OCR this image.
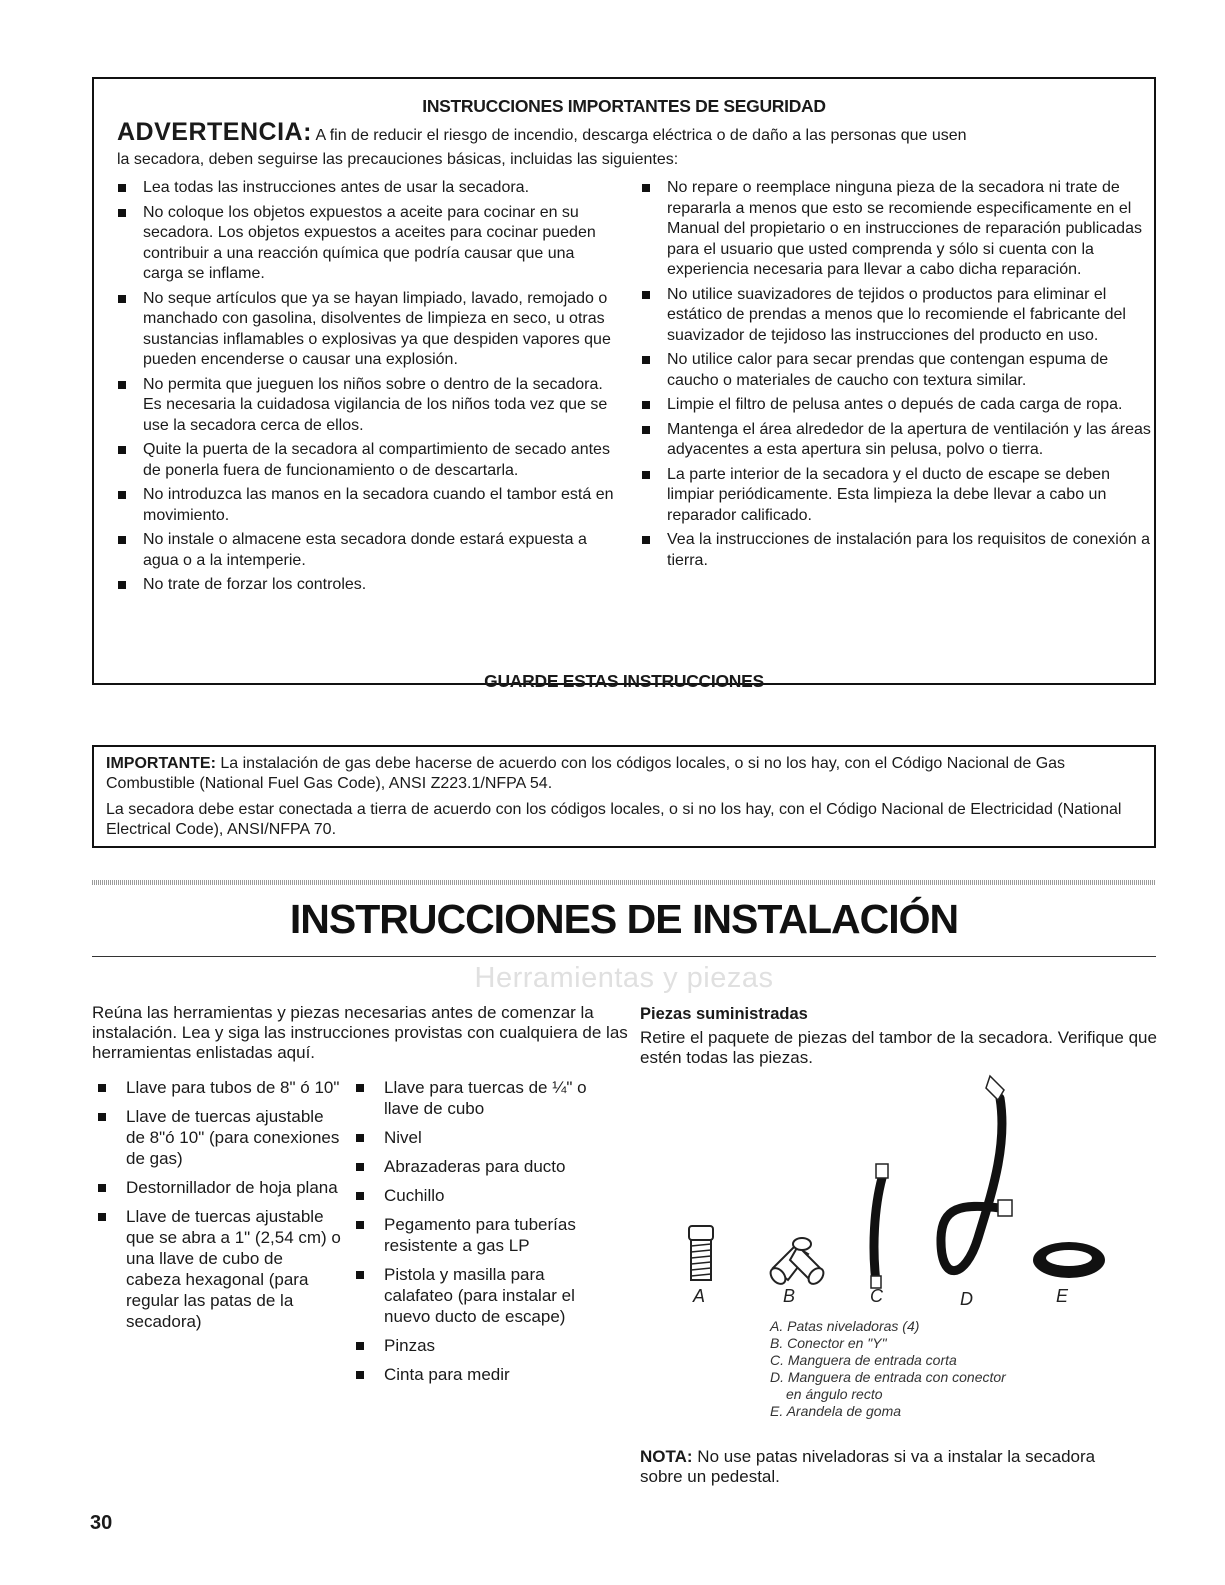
INSTRUCCIONES IMPORTANTES DE SEGURIDAD
ADVERTENCIA: A fin de reducir el riesgo de incendio, descarga eléctrica o de daño a las personas que usen
la secadora, deben seguirse las precauciones básicas, incluidas las siguientes:
Lea todas las instrucciones antes de usar la secadora.
No coloque los objetos expuestos a aceite para cocinar en su secadora. Los objetos expuestos a aceites para cocinar pueden contribuir a una reacción química que podría causar que una carga se inflame.
No seque artículos que ya se hayan limpiado, lavado, remojado o manchado con gasolina, disolventes de limpieza en seco, u otras sustancias inflamables o explosivas ya que despiden vapores que pueden encenderse o causar una explosión.
No permita que jueguen los niños sobre o dentro de la secadora. Es necesaria la cuidadosa vigilancia de los niños toda vez que se use la secadora cerca de ellos.
Quite la puerta de la secadora al compartimiento de secado antes de ponerla fuera de funcionamiento o de descartarla.
No introduzca las manos en la secadora cuando el tambor está en movimiento.
No instale o almacene esta secadora donde estará expuesta a agua o a la intemperie.
No trate de forzar los controles.
No repare o reemplace ninguna pieza de la secadora ni trate de repararla a menos que esto se recomiende especificamente en el Manual del propietario o en instrucciones de reparación publicadas para el usuario que usted comprenda y sólo si cuenta con la experiencia necesaria para llevar a cabo dicha reparación.
No utilice suavizadores de tejidos o productos para eliminar el estático de prendas a menos que lo recomiende el fabricante del suavizador de tejidoso las instrucciones del producto en uso.
No utilice calor para secar prendas que contengan espuma de caucho o materiales de caucho con textura similar.
Limpie el filtro de pelusa antes o depués de cada carga de ropa.
Mantenga el área alrededor de la apertura de ventilación y las áreas adyacentes a esta apertura sin pelusa, polvo o tierra.
La parte interior de la secadora y el ducto de escape se deben limpiar periódicamente. Esta limpieza la debe llevar a cabo un reparador calificado.
Vea la instrucciones de instalación para los requisitos de conexión a tierra.
GUARDE ESTAS INSTRUCCIONES

IMPORTANTE: La instalación de gas debe hacerse de acuerdo con los códigos locales, o si no los hay, con el Código Nacional de Gas Combustible (National Fuel Gas Code), ANSI Z223.1/NFPA 54.

La secadora debe estar conectada a tierra de acuerdo con los códigos locales, o si no los hay, con el Código Nacional de Electricidad (National Electrical Code), ANSI/NFPA 70.

INSTRUCCIONES DE INSTALACIÓN
Herramientas y piezas
Reúna las herramientas y piezas necesarias antes de comenzar la instalación. Lea y siga las instrucciones provistas con cualquiera de las herramientas enlistadas aquí.
Llave para tubos de 8" ó 10"
Llave de tuercas ajustable de 8"ó 10" (para conexiones de gas)
Destornillador de hoja plana
Llave de tuercas ajustable que se abra a 1" (2,54 cm) o una llave de cubo de cabeza hexagonal (para regular las patas de la secadora)
Llave para tuercas de ¼" o llave de cubo
Nivel
Abrazaderas para ducto
Cuchillo
Pegamento para tuberías resistente a gas LP
Pistola y masilla para calafateo (para instalar el nuevo ducto de escape)
Pinzas
Cinta para medir
Piezas suministradas
Retire el paquete de piezas del tambor de la secadora. Verifique que estén todas las piezas.
A	B	C	D	E
A. Patas niveladoras (4)
B. Conector en "Y"
C. Manguera de entrada corta
D. Manguera de entrada con conector
en ángulo recto
E. Arandela de goma
NOTA: No use patas niveladoras si va a instalar la secadora sobre un pedestal.
30
